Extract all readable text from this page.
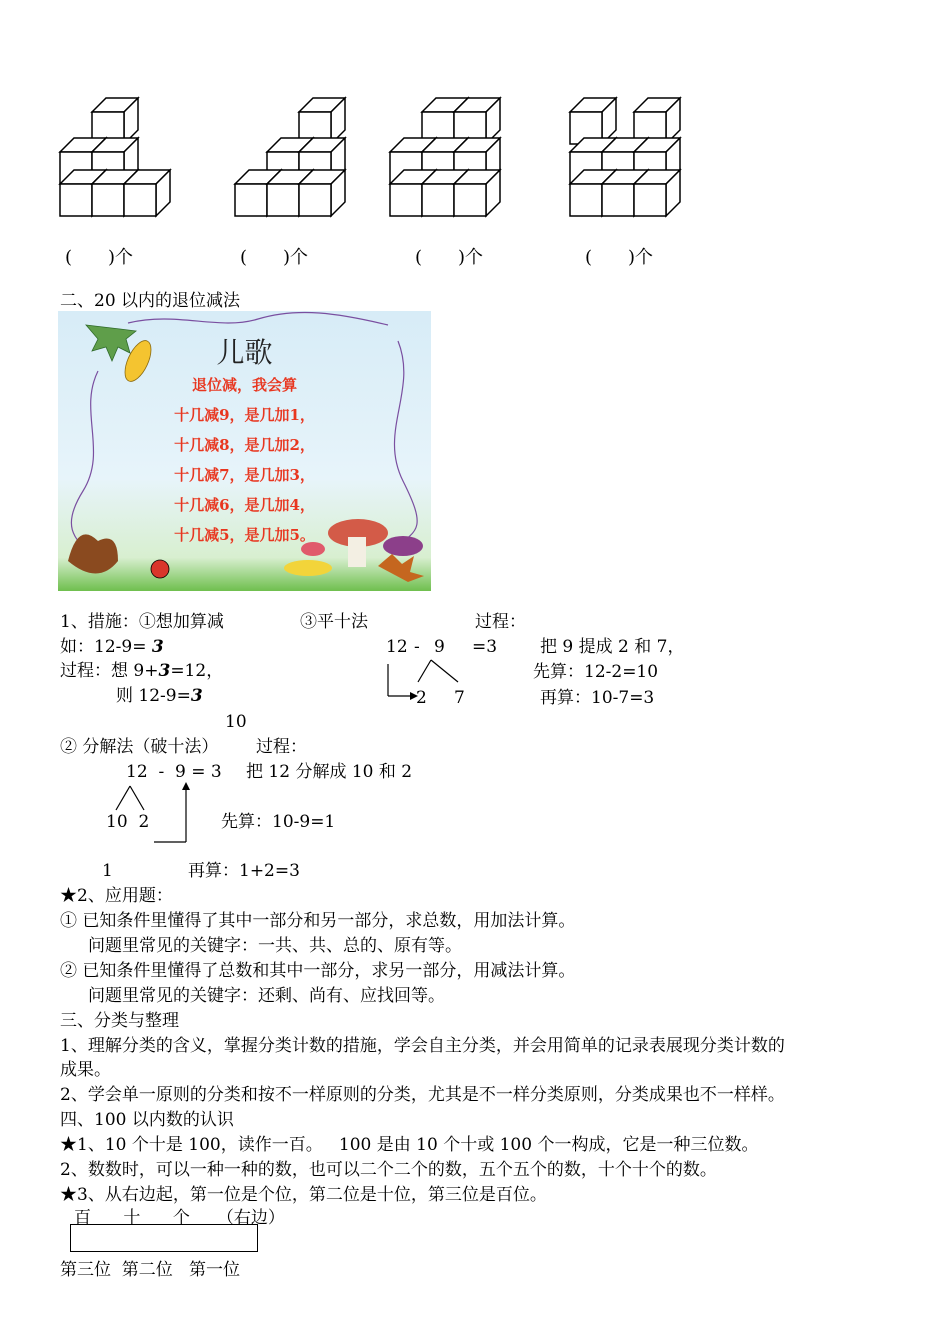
(　　)个	(　　)个	(　　)个	(　　)个
二、20 以内的退位减法
儿歌
退位减，我会算
十几减9，是几加1，
十几减8，是几加2，
十几减7，是几加3，
十几减6，是几加4，
十几减5，是几加5。
1、措施：①想加算减	③平十法	过程：
如：12-9= 3
过程：想 9+3=12，
则 12-9=3
10
12 - 9 =3
2 7
把 9 提成 2 和 7，
先算：12-2=10
再算：10-7=3
② 分解法（破十法） 过程：
12  -  9 = 3 把 12 分解成 10 和 2
10  2	先算：10-9=1
1	再算：1+2=3
★2、应用题：
① 已知条件里懂得了其中一部分和另一部分，求总数，用加法计算。
问题里常见的关键字：一共、共、总的、原有等。
② 已知条件里懂得了总数和其中一部分，求另一部分，用减法计算。
问题里常见的关键字：还剩、尚有、应找回等。
三、分类与整理
1、理解分类的含义，掌握分类计数的措施，学会自主分类，并会用简单的记录表展现分类计数的
成果。
2、学会单一原则的分类和按不一样原则的分类，尤其是不一样分类原则，分类成果也不一样样。
四、100 以内数的认识
★1、10 个十是 100，读作一百。   100 是由 10 个十或 100 个一构成，它是一种三位数。
2、数数时，可以一种一种的数，也可以二个二个的数，五个五个的数，十个十个的数。
★3、从右边起，第一位是个位，第二位是十位，第三位是百位。
百      十      个     （右边）
第三位  第二位   第一位
